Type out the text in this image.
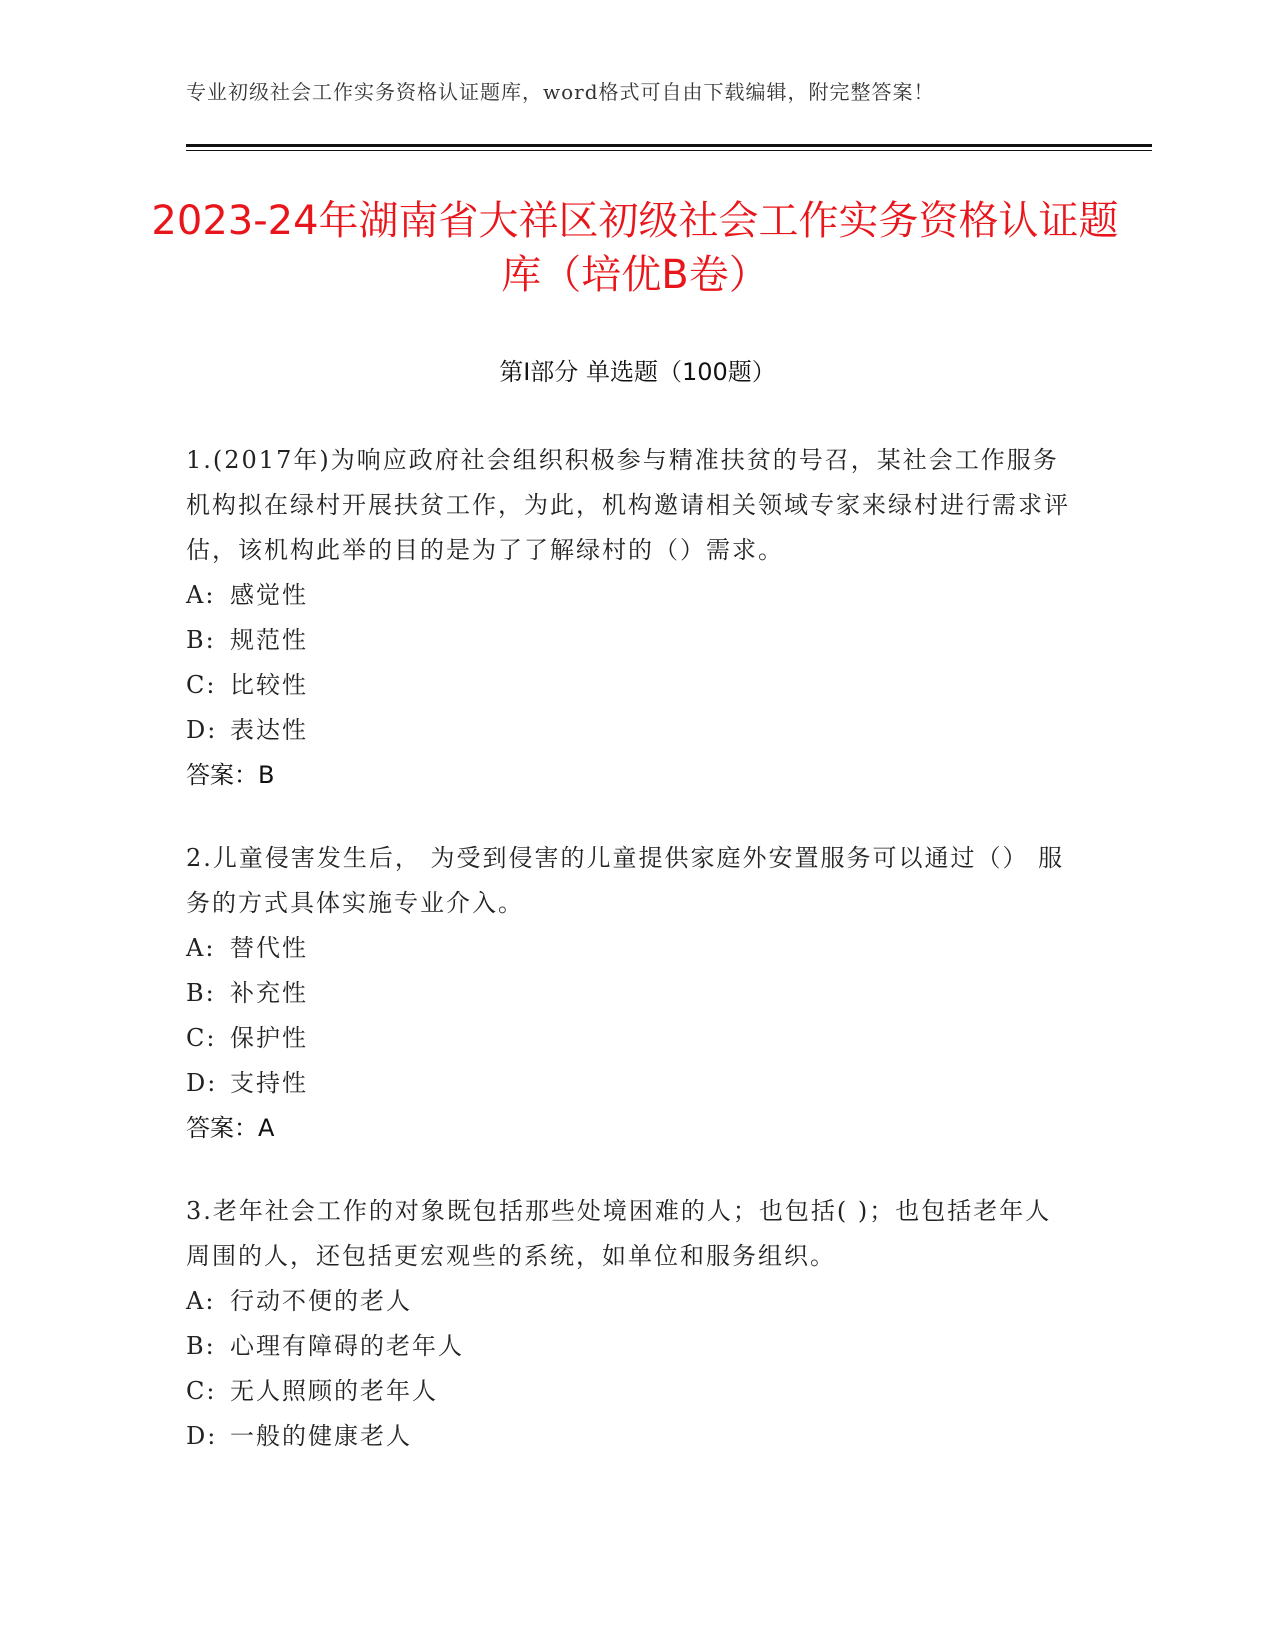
专业初级社会工作实务资格认证题库，word格式可自由下载编辑，附完整答案！
2023-24年湖南省大祥区初级社会工作实务资格认证题库（培优B卷）
第I部分 单选题（100题）
1.(2017年)为响应政府社会组织积极参与精准扶贫的号召，某社会工作服务机构拟在绿村开展扶贫工作，为此，机构邀请相关领域专家来绿村进行需求评估，该机构此举的目的是为了了解绿村的（）需求。
A: 感觉性
B: 规范性
C: 比较性
D: 表达性
答案：B
2.儿童侵害发生后， 为受到侵害的儿童提供家庭外安置服务可以通过（） 服务的方式具体实施专业介入。
A: 替代性
B: 补充性
C: 保护性
D: 支持性
答案：A
3.老年社会工作的对象既包括那些处境困难的人；也包括( )；也包括老年人周围的人，还包括更宏观些的系统，如单位和服务组织。
A: 行动不便的老人
B: 心理有障碍的老年人
C: 无人照顾的老年人
D: 一般的健康老人
